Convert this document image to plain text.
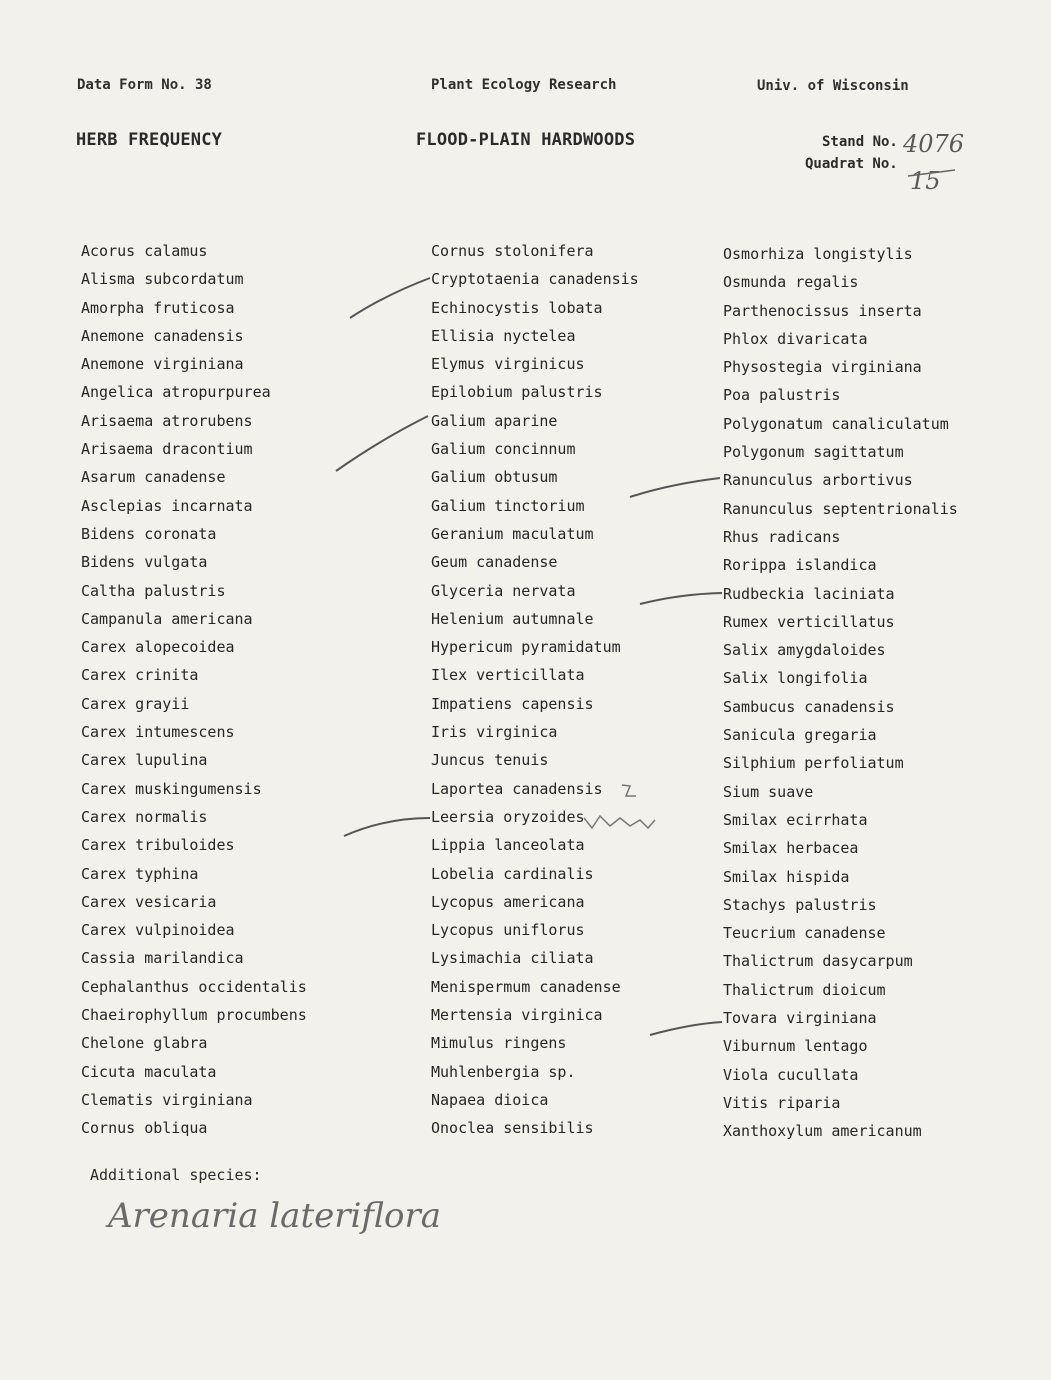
Data Form No. 38	Plant Ecology Research	Univ. of Wisconsin
HERB FREQUENCY	FLOOD-PLAIN HARDWOODS	Stand No. 4076
Quadrat No.
15
Acorus calamus
Alisma subcordatum
Amorpha fruticosa
Anemone canadensis
Anemone virginiana
Angelica atropurpurea
Arisaema atrorubens
Arisaema dracontium
Asarum canadense
Asclepias incarnata
Bidens coronata
Bidens vulgata
Caltha palustris
Campanula americana
Carex alopecoidea
Carex crinita
Carex grayii
Carex intumescens
Carex lupulina
Carex muskingumensis
Carex normalis
Carex tribuloides
Carex typhina
Carex vesicaria
Carex vulpinoidea
Cassia marilandica
Cephalanthus occidentalis
Chaeirophyllum procumbens
Chelone glabra
Cicuta maculata
Clematis virginiana
Cornus obliqua
Cornus stolonifera
Cryptotaenia canadensis
Echinocystis lobata
Ellisia nyctelea
Elymus virginicus
Epilobium palustris
Galium aparine
Galium concinnum
Galium obtusum
Galium tinctorium
Geranium maculatum
Geum canadense
Glyceria nervata
Helenium autumnale
Hypericum pyramidatum
Ilex verticillata
Impatiens capensis
Iris virginica
Juncus tenuis
Laportea canadensis
Leersia oryzoides
Lippia lanceolata
Lobelia cardinalis
Lycopus americana
Lycopus uniflorus
Lysimachia ciliata
Menispermum canadense
Mertensia virginica
Mimulus ringens
Muhlenbergia sp.
Napaea dioica
Onoclea sensibilis
Osmorhiza longistylis
Osmunda regalis
Parthenocissus inserta
Phlox divaricata
Physostegia virginiana
Poa palustris
Polygonatum canaliculatum
Polygonum sagittatum
Ranunculus arbortivus
Ranunculus septentrionalis
Rhus radicans
Rorippa islandica
Rudbeckia laciniata
Rumex verticillatus
Salix amygdaloides
Salix longifolia
Sambucus canadensis
Sanicula gregaria
Silphium perfoliatum
Sium suave
Smilax ecirrhata
Smilax herbacea
Smilax hispida
Stachys palustris
Teucrium canadense
Thalictrum dasycarpum
Thalictrum dioicum
Tovara virginiana
Viburnum lentago
Viola cucullata
Vitis riparia
Xanthoxylum americanum
Additional species:
Arenaria lateriflora
